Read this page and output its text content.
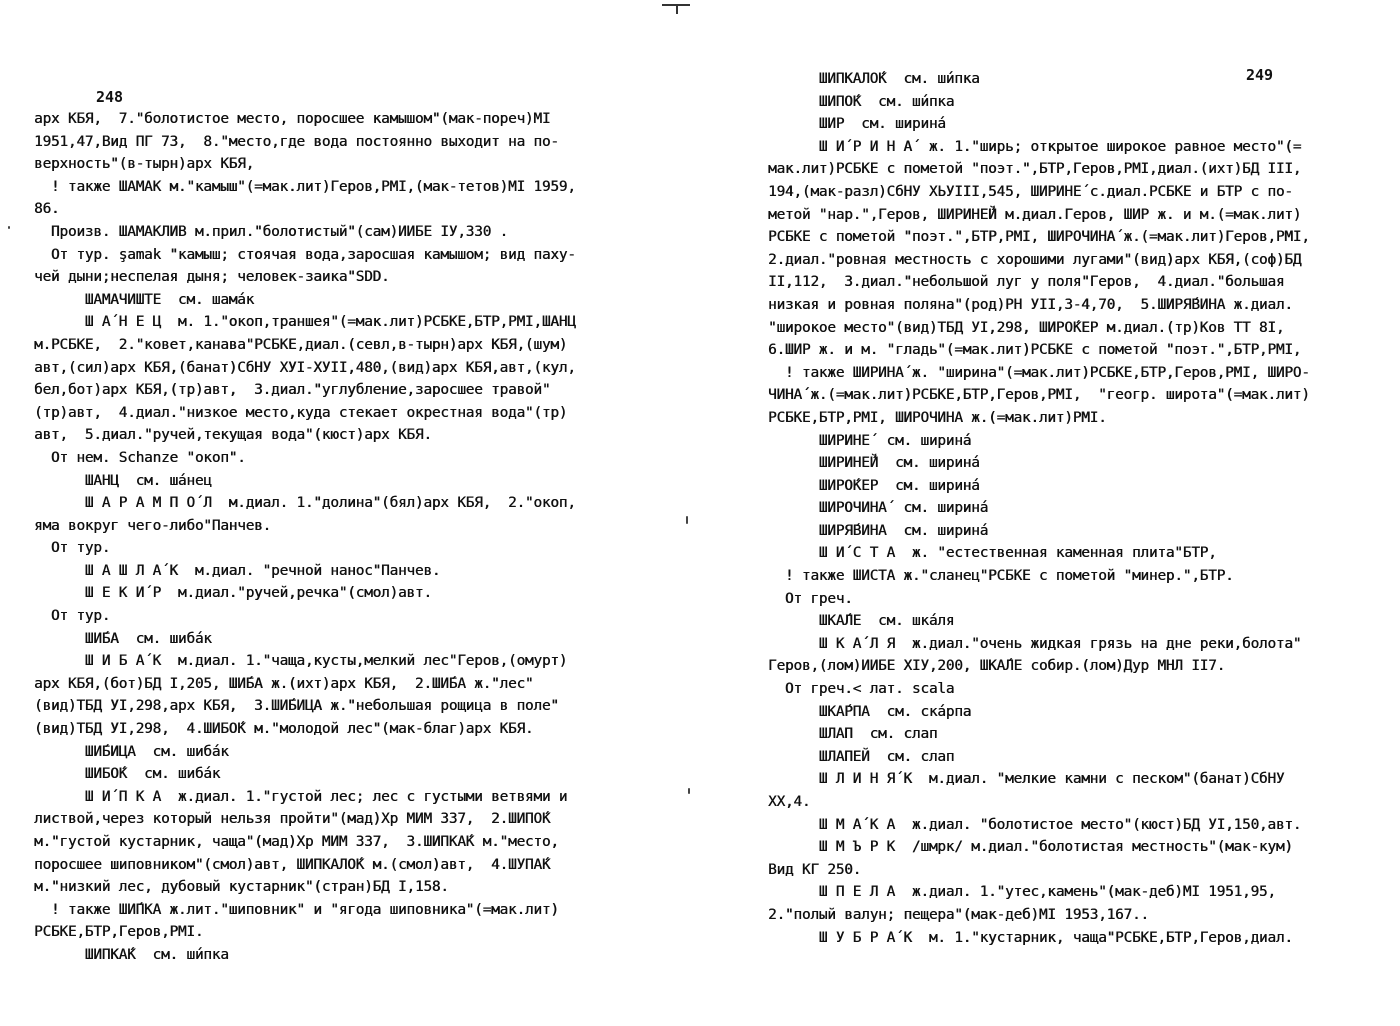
248
арх КБЯ,  7."болотистое место, поросшее камышом"(мак-пореч)МІ
1951,47,Вид ПГ 73,  8."место,где вода постоянно выходит на по-
верхность"(в-тырн)арх КБЯ,
! также ШАМАК м."камыш"(=мак.лит)Геров,РМІ,(мак-тетов)МІ 1959,
86.
Произв. ШАМАКЛИВ м.прил."болотистый"(сам)ИИБЕ ІУ,330 .
От тур. şamak "камыш; стоячая вода,заросшая камышом; вид паху-
чей дыни;неспелая дыня; человек-заика"SDD.
ШАМАЧИШТЕ  см. шама́к
Ш А́ Н Е Ц  м. 1."окоп,траншея"(=мак.лит)РСБКЕ,БТР,РМІ,ШАНЦ
м.РСБКЕ,  2."ковет,канава"РСБКЕ,диал.(севл,в-тырн)арх КБЯ,(шум)
авт,(сил)арх КБЯ,(банат)СбНУ ХУІ-ХУІІ,480,(вид)арх КБЯ,авт,(кул,
бел,бот)арх КБЯ,(тр)авт,  3.диал."углубление,заросшее травой"
(тр)авт,  4.диал."низкое место,куда стекает окрестная вода"(тр)
авт,  5.диал."ручей,текущая вода"(кюст)арх КБЯ.
От нем. Schanze "окоп".
ШАНЦ  см. ша́нец
Ш А Р А М П О́ Л  м.диал. 1."долина"(бял)арх КБЯ,  2."окоп,
яма вокруг чего-либо"Панчев.
От тур.
Ш А Ш Л А́ К  м.диал. "речной нанос"Панчев.
Ш Е К И́ Р  м.диал."ручей,речка"(смол)авт.
От тур.
ШИ́БА  см. шиба́к
Ш И Б А́ К  м.диал. 1."чаща,кусты,мелкий лес"Геров,(омурт)
арх КБЯ,(бот)БД І,205, ШИ́БА ж.(ихт)арх КБЯ,  2.ШИ́БА ж."лес"
(вид)ТБД УІ,298,арх КБЯ,  3.ШИ́БИЦА ж."небольшая рощица в поле"
(вид)ТБД УІ,298,  4.ШИБО́К м."молодой лес"(мак-благ)арх КБЯ.
ШИ́БИЦА  см. шиба́к
ШИБО́К  см. шиба́к
Ш И́ П К А  ж.диал. 1."густой лес; лес с густыми ветвями и
листвой,через который нельзя пройти"(мад)Хр МИМ 337,  2.ШИПО́К
м."густой кустарник, чаща"(мад)Хр МИМ 337,  3.ШИПКА́К м."место,
поросшее шиповником"(смол)авт, ШИПКАЛО́К м.(смол)авт,  4.ШУПА́К
м."низкий лес, дубовый кустарник"(стран)БД І,158.
! также ШИ́ПКА ж.лит."шиповник" и "ягода шиповника"(=мак.лит)
РСБКЕ,БТР,Геров,РМІ.
ШИПКА́К  см. ши́пка
249
ШИПКАЛО́К  см. ши́пка
ШИПО́К  см. ши́пка
ШИР  см. ширина́
Ш И́ Р И Н А́  ж. 1."ширь; открытое широкое равное место"(=
мак.лит)РСБКЕ с пометой "поэт.",БТР,Геров,РМІ,диал.(ихт)БД ІІІ,
194,(мак-разл)СбНУ ХЬУІІІ,545, ШИРИНЕ́ с.диал.РСБКЕ и БТР с по-
метой "нар.",Геров, ШИРИНЕ́Й м.диал.Геров, ШИР ж. и м.(=мак.лит)
РСБКЕ с пометой "поэт.",БТР,РМІ, ШИРОЧИНА́ ж.(=мак.лит)Геров,РМІ,
2.диал."ровная местность с хорошими лугами"(вид)арх КБЯ,(соф)БД
ІІ,112,  3.диал."небольшой луг у поля"Геров,  4.диал."большая
низкая и ровная поляна"(род)РН УІІ,3-4,70,  5.ШИРЯ́ВИНА ж.диал.
"широкое место"(вид)ТБД УІ,298, ШИРО́КЕР м.диал.(тр)Ков ТТ 8І,
6.ШИР ж. и м. "гладь"(=мак.лит)РСБКЕ с пометой "поэт.",БТР,РМІ,
! также ШИРИНА́ ж. "ширина"(=мак.лит)РСБКЕ,БТР,Геров,РМІ, ШИРО-
ЧИНА́ ж.(=мак.лит)РСБКЕ,БТР,Геров,РМІ,  "геогр. широта"(=мак.лит)
РСБКЕ,БТР,РМІ, ШИРОЧИНА ж.(=мак.лит)РМІ.
ШИРИНЕ́  см. ширина́
ШИРИНЕ́Й  см. ширина́
ШИРО́КЕР  см. ширина́
ШИРОЧИНА́  см. ширина́
ШИРЯ́ВИНА  см. ширина́
Ш И́ С Т А  ж. "естественная каменная плита"БТР,
! также ШИСТА ж."сланец"РСБКЕ с пометой "минер.",БТР.
От греч.
ШКА́ЛЕ  см. шка́ля
Ш К А́ Л Я  ж.диал."очень жидкая грязь на дне реки,болота"
Геров,(лом)ИИБЕ ХІУ,200, ШКА́ЛЕ собир.(лом)Дур МНЛ ІІ7.
От греч.< лат. scala
ШКА́РПА  см. ска́рпа
ШЛАП  см. слап
ШЛАПЕЙ  см. слап
Ш Л И Н Я́ К  м.диал. "мелкие камни с песком"(банат)СбНУ
ХХ,4.
Ш М А́ К А  ж.диал. "болотистое место"(кюст)БД УІ,150,авт.
Ш М Ъ Р К  /шмрк/ м.диал."болотистая местность"(мак-кум)
Вид КГ 250.
Ш П Е Л А  ж.диал. 1."утес,камень"(мак-деб)МІ 1951,95,
2."полый валун; пещера"(мак-деб)МІ 1953,167..
Ш У Б Р А́ К  м. 1."кустарник, чаща"РСБКЕ,БТР,Геров,диал.
